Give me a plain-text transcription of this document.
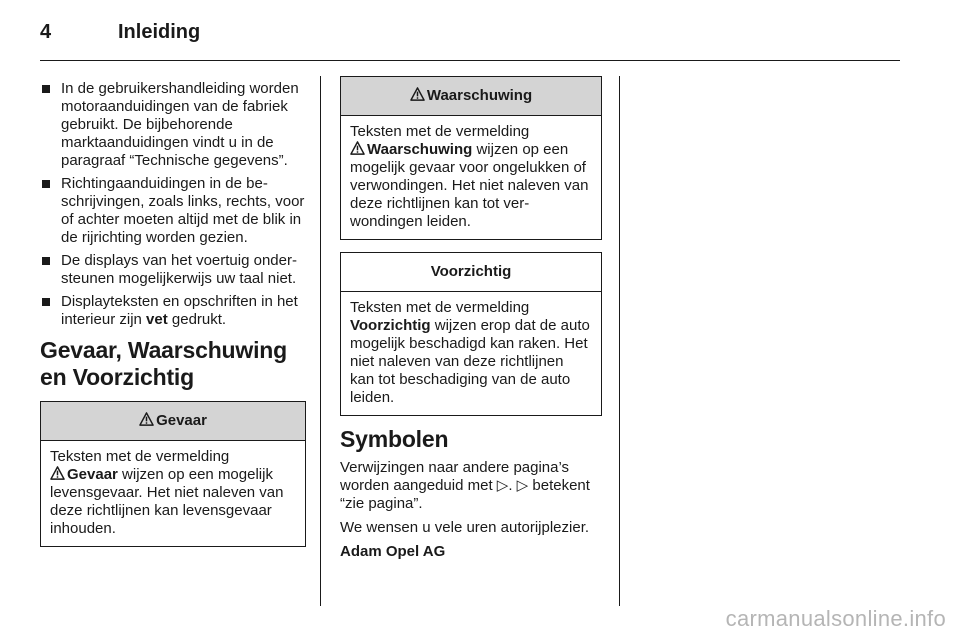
4	Inleiding
In de gebruikershandleiding worden motoraanduidingen van de fabriek gebruikt. De bijbehorende marktaanduidingen vindt u in de paragraaf “Technische gegevens”.
Richtingaanduidingen in de beschrijvingen, zoals links, rechts, voor of achter moeten altijd met de blik in de rijrichting worden gezien.
De displays van het voertuig ondersteunen mogelijkerwijs uw taal niet.
Displayteksten en opschriften in het interieur zijn vet gedrukt.
Gevaar, Waarschuwing en Voorzichtig
Gevaar
Teksten met de vermelding
Gevaar wijzen op een mogelijk levensgevaar. Het niet naleven van deze richtlijnen kan levensgevaar inhouden.
Waarschuwing
Teksten met de vermelding
Waarschuwing wijzen op een mogelijk gevaar voor ongelukken of verwondingen. Het niet naleven van deze richtlijnen kan tot verwondingen leiden.
Voorzichtig
Teksten met de vermelding
Voorzichtig wijzen erop dat de auto mogelijk beschadigd kan raken. Het niet naleven van deze richtlijnen kan tot beschadiging van de auto leiden.
Symbolen

Verwijzingen naar andere pagina’s worden aangeduid met ▷. ▷ betekent “zie pagina”.

We wensen u vele uren autorijplezier.

Adam Opel AG

carmanualsonline.info
